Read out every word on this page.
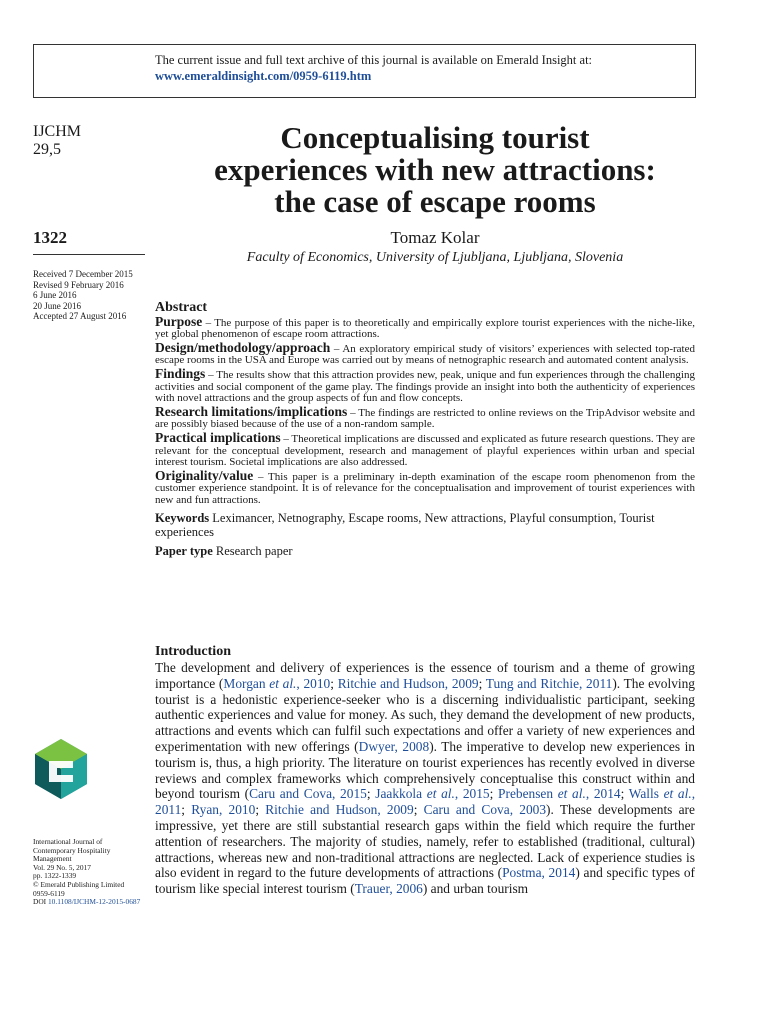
The current issue and full text archive of this journal is available on Emerald Insight at:
www.emeraldinsight.com/0959-6119.htm
IJCHM
29,5	Conceptualising tourist
experiences with new attractions:
the case of escape rooms
1322	Tomaz Kolar
Faculty of Economics, University of Ljubljana, Ljubljana, Slovenia
Received 7 December 2015
Revised 9 February 2016
6 June 2016
20 June 2016
Accepted 27 August 2016
Abstract
Purpose – The purpose of this paper is to theoretically and empirically explore tourist experiences with the niche-like, yet global phenomenon of escape room attractions.
Design/methodology/approach – An exploratory empirical study of visitors’ experiences with selected top-rated escape rooms in the USA and Europe was carried out by means of netnographic research and automated content analysis.
Findings – The results show that this attraction provides new, peak, unique and fun experiences through the challenging activities and social component of the game play. The findings provide an insight into both the authenticity of experiences with novel attractions and the group aspects of fun and flow concepts.
Research limitations/implications – The findings are restricted to online reviews on the TripAdvisor website and are possibly biased because of the use of a non-random sample.
Practical implications – Theoretical implications are discussed and explicated as future research questions. They are relevant for the conceptual development, research and management of playful experiences within urban and special interest tourism. Societal implications are also addressed.
Originality/value – This paper is a preliminary in-depth examination of the escape room phenomenon from the customer experience standpoint. It is of relevance for the conceptualisation and improvement of tourist experiences with new and fun attractions.
Keywords Leximancer, Netnography, Escape rooms, New attractions, Playful consumption, Tourist experiences
Paper type Research paper
Introduction
The development and delivery of experiences is the essence of tourism and a theme of growing importance (Morgan et al., 2010; Ritchie and Hudson, 2009; Tung and Ritchie, 2011). The evolving tourist is a hedonistic experience-seeker who is a discerning individualistic participant, seeking authentic experiences and value for money. As such, they demand the development of new products, attractions and events which can fulfil such expectations and offer a variety of new experiences and experimentation with new offerings (Dwyer, 2008). The imperative to develop new experiences in tourism is, thus, a high priority. The literature on tourist experiences has recently evolved in diverse reviews and complex frameworks which comprehensively conceptualise this construct within and beyond tourism (Caru and Cova, 2015; Jaakkola et al., 2015; Prebensen et al., 2014; Walls et al., 2011; Ryan, 2010; Ritchie and Hudson, 2009; Caru and Cova, 2003). These developments are impressive, yet there are still substantial research gaps within the field which require the further attention of researchers. The majority of studies, namely, refer to established (traditional, cultural) attractions, whereas new and non-traditional attractions are neglected. Lack of experience studies is also evident in regard to the future developments of attractions (Postma, 2014) and specific types of tourism like special interest tourism (Trauer, 2006) and urban tourism
International Journal of
Contemporary Hospitality
Management
Vol. 29 No. 5, 2017
pp. 1322-1339
© Emerald Publishing Limited
0959-6119
DOI 10.1108/IJCHM-12-2015-0687
